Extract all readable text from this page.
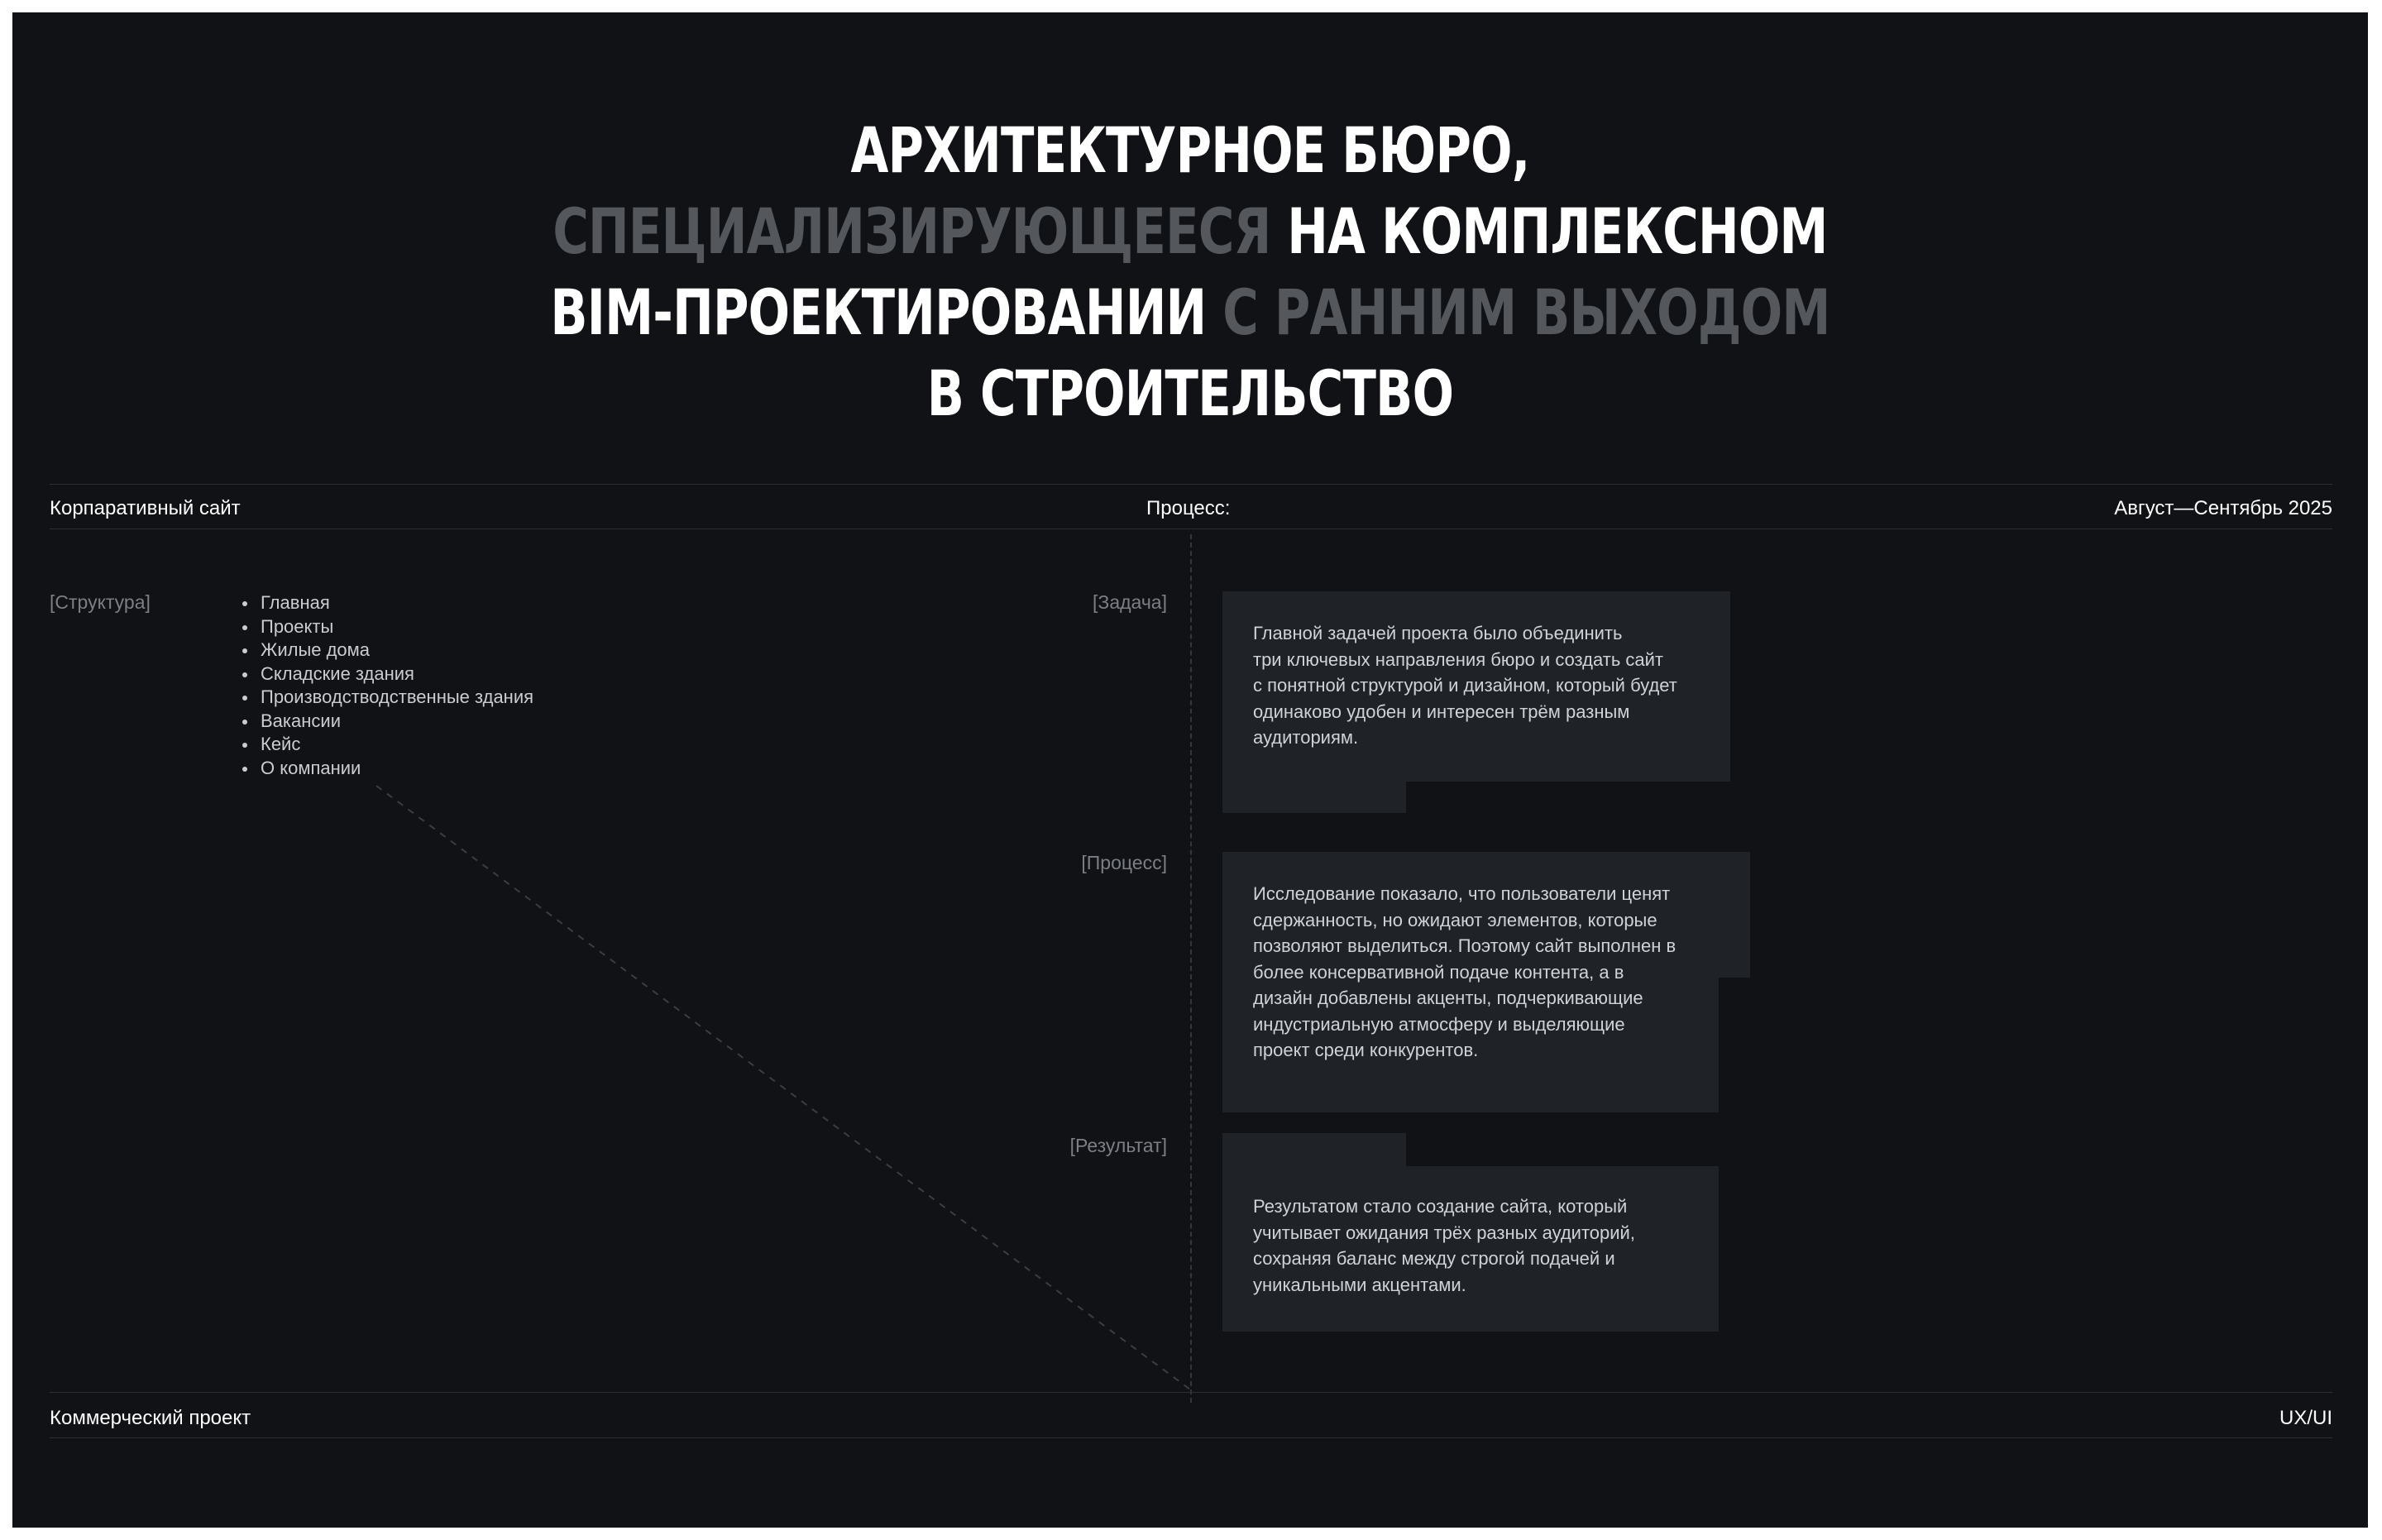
АРХИТЕКТУРНОЕ БЮРО,
СПЕЦИАЛИЗИРУЮЩЕЕСЯ НА КОМПЛЕКСНОМ
BIM-ПРОЕКТИРОВАНИИ С РАННИМ ВЫХОДОМ
В СТРОИТЕЛЬСТВО
Корпаративный сайт	Процесс:	Август—Сентябрь 2025
[Структура]	Главная
Проекты
Жилые дома
Складские здания
Производстводственные здания
Вакансии
Кейс
О компании
[Задача]
Главной задачей проекта было объединить
три ключевых направления бюро и создать сайт
с понятной структурой и дизайном, который будет
одинаково удобен и интересен трём разным
аудиториям.
[Процесс]
Исследование показало, что пользователи ценят
сдержанность, но ожидают элементов, которые
позволяют выделиться. Поэтому сайт выполнен в
более консервативной подаче контента, а в
дизайн добавлены акценты, подчеркивающие
индустриальную атмосферу и выделяющие
проект среди конкурентов.
[Результат]
Результатом стало создание сайта, который
учитывает ожидания трёх разных аудиторий,
сохраняя баланс между строгой подачей и
уникальными акцентами.
Коммерческий проект	UX/UI
